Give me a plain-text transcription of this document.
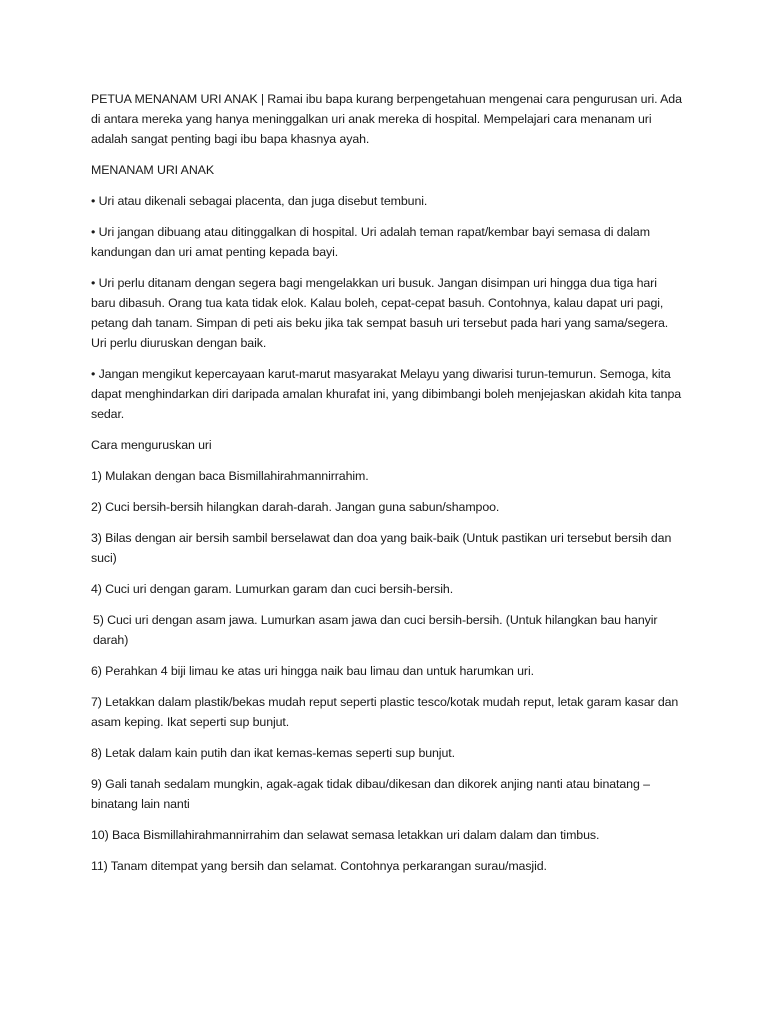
PETUA MENANAM URI ANAK | Ramai ibu bapa kurang berpengetahuan mengenai cara pengurusan uri. Ada di antara mereka yang hanya meninggalkan uri anak mereka di hospital. Mempelajari cara menanam uri adalah sangat penting bagi ibu bapa khasnya ayah.

MENANAM URI ANAK

• Uri atau dikenali sebagai placenta, dan juga disebut tembuni.

• Uri jangan dibuang atau ditinggalkan di hospital. Uri adalah teman rapat/kembar bayi semasa di dalam kandungan dan uri amat penting kepada bayi.

• Uri perlu ditanam dengan segera bagi mengelakkan uri busuk. Jangan disimpan uri hingga dua tiga hari baru dibasuh. Orang tua kata tidak elok. Kalau boleh, cepat-cepat basuh. Contohnya, kalau dapat uri pagi, petang dah tanam. Simpan di peti ais beku jika tak sempat basuh uri tersebut pada hari yang sama/segera. Uri perlu diuruskan dengan baik.

• Jangan mengikut kepercayaan karut-marut masyarakat Melayu yang diwarisi turun-temurun. Semoga, kita dapat menghindarkan diri daripada amalan khurafat ini, yang dibimbangi boleh menjejaskan akidah kita tanpa sedar.

Cara menguruskan uri

1) Mulakan dengan baca Bismillahirahmannirrahim.

2) Cuci bersih-bersih hilangkan darah-darah. Jangan guna sabun/shampoo.

3) Bilas dengan air bersih sambil berselawat dan doa yang baik-baik (Untuk pastikan uri tersebut bersih dan suci)

4) Cuci uri dengan garam. Lumurkan garam dan cuci bersih-bersih.

5) Cuci uri dengan asam jawa. Lumurkan asam jawa dan cuci bersih-bersih. (Untuk hilangkan bau hanyir darah)

6) Perahkan 4 biji limau ke atas uri hingga naik bau limau dan untuk harumkan uri.

7) Letakkan dalam plastik/bekas mudah reput seperti plastic tesco/kotak mudah reput, letak garam kasar dan asam keping. Ikat seperti sup bunjut.

8) Letak dalam kain putih dan ikat kemas-kemas seperti sup bunjut.

9) Gali tanah sedalam mungkin, agak-agak tidak dibau/dikesan dan dikorek anjing nanti atau binatang – binatang lain nanti

10) Baca Bismillahirahmannirrahim dan selawat semasa letakkan uri dalam dalam dan timbus.

11) Tanam ditempat yang bersih dan selamat. Contohnya perkarangan surau/masjid.
